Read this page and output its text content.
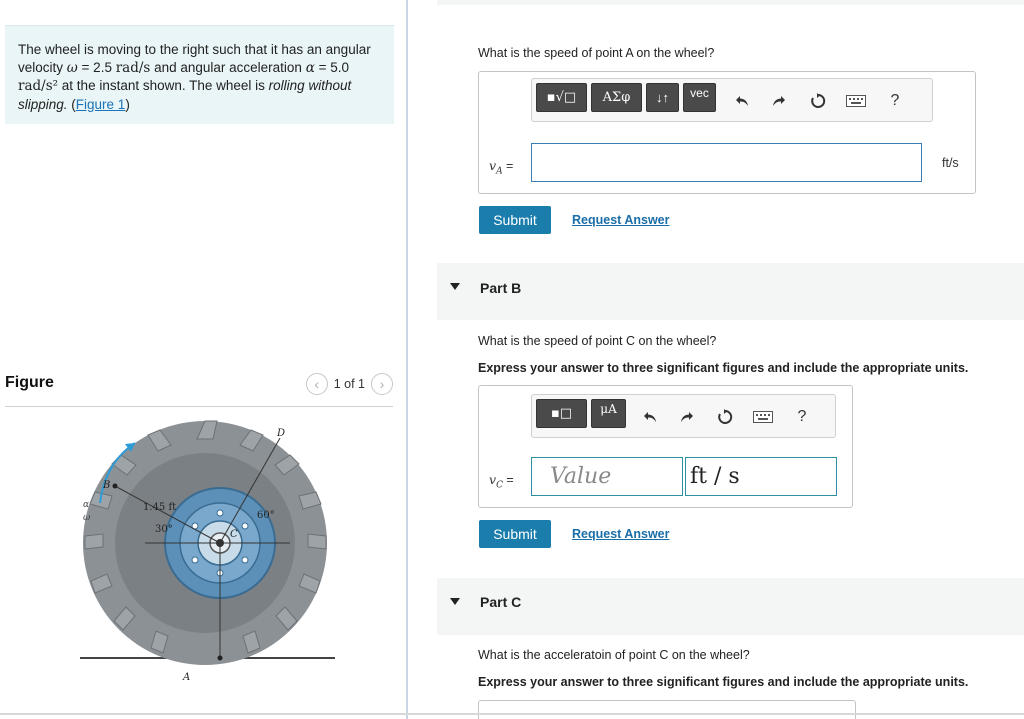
The wheel is moving to the right such that it has an angular velocity ω = 2.5 rad/s and angular acceleration α = 5.0
rad/s² at the instant shown. The wheel is rolling without slipping. (Figure 1)
Figure	‹	1 of 1	›
D
B
C
A
α
ω
1.45 ft
30°
60°
What is the speed of point A on the wheel?
▪√□	ΑΣφ	↓↑	vec	?
$v_A$ =	ft/s
Submit	Request Answer
Part B
What is the speed of point C on the wheel?
Express your answer to three significant figures and include the appropriate units.
▪□	μA	?
$v_C$ =	Value	ft / s
Submit	Request Answer
Part C
What is the acceleratoin of point C on the wheel?
Express your answer to three significant figures and include the appropriate units.
